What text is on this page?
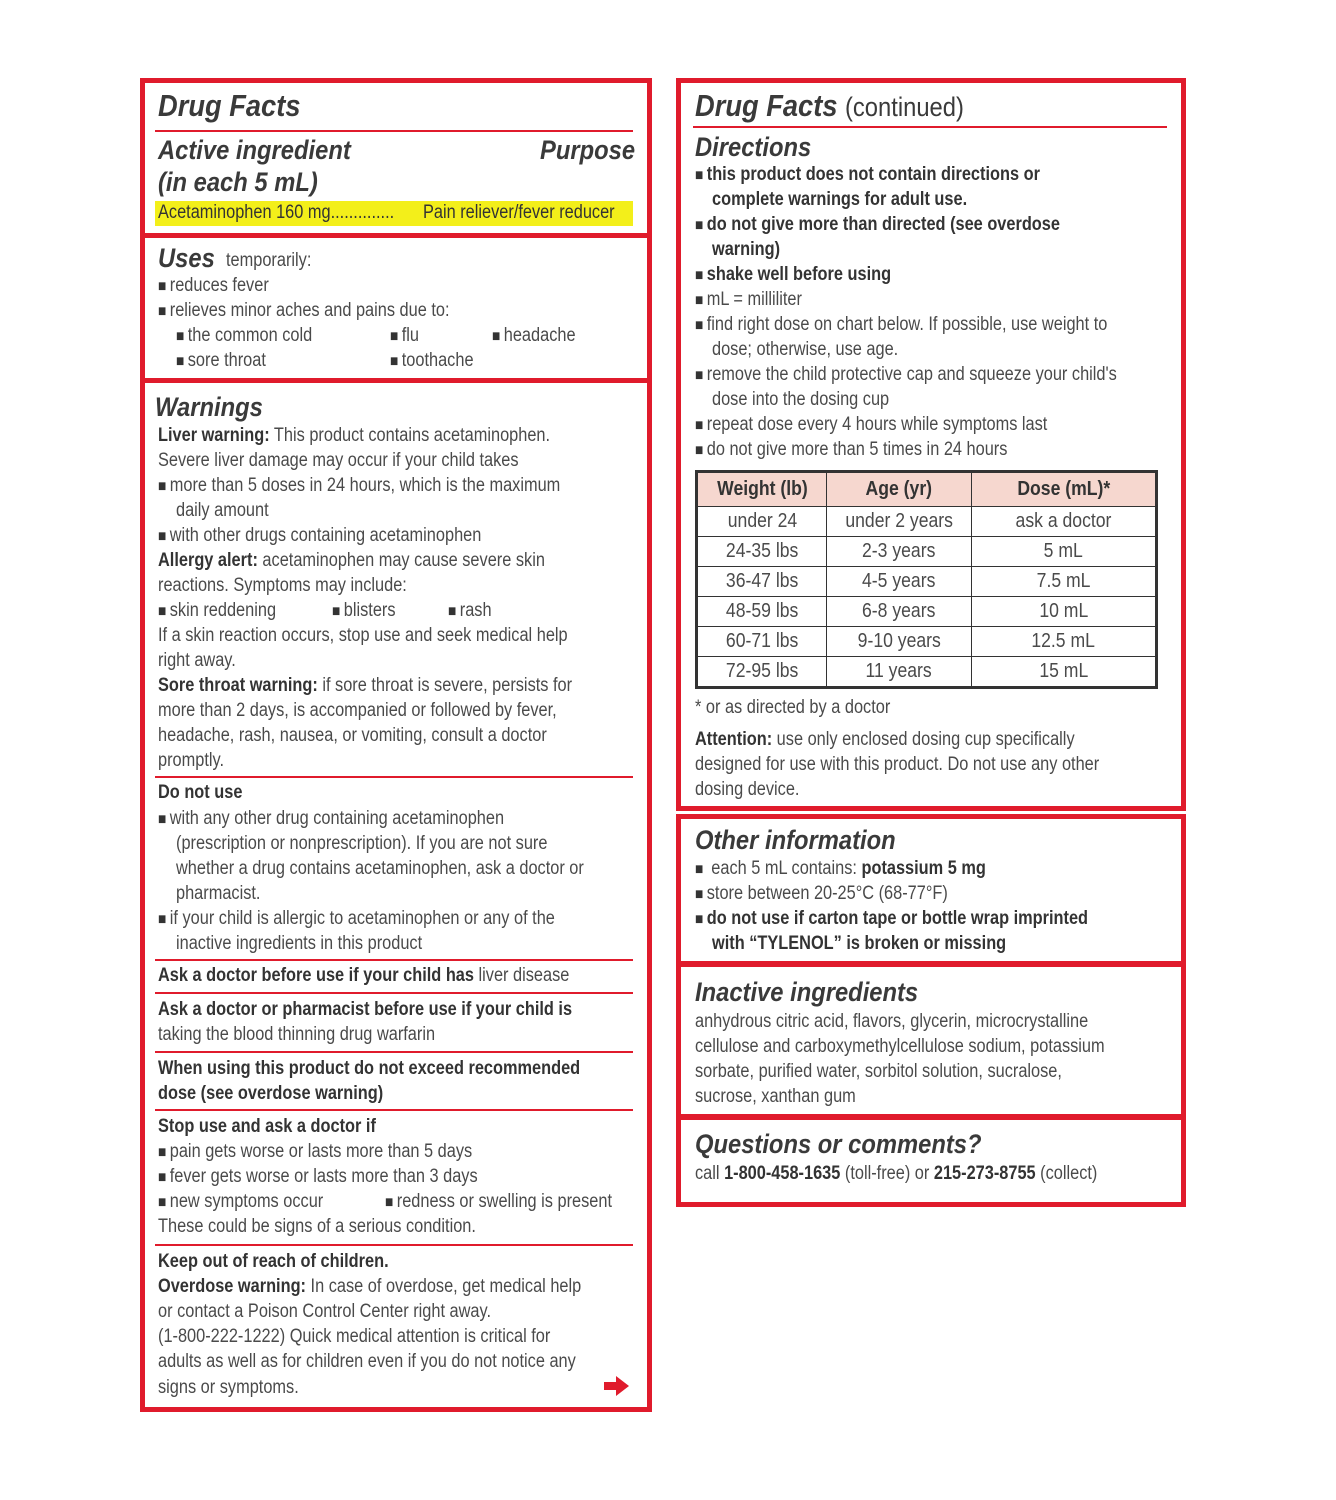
Drug Facts
Active ingredient
(in each 5 mL)
Purpose
Acetaminophen 160 mg.............. Pain reliever/fever reducer
Uses temporarily:
■ reduces fever
■ relieves minor aches and pains due to:
■ the common cold	■ flu	■ headache
■ sore throat	■ toothache
Warnings
Liver warning: This product contains acetaminophen.
Severe liver damage may occur if your child takes
■ more than 5 doses in 24 hours, which is the maximum
daily amount
■ with other drugs containing acetaminophen
Allergy alert: acetaminophen may cause severe skin
reactions. Symptoms may include:
■ skin reddening	■ blisters	■ rash
If a skin reaction occurs, stop use and seek medical help
right away.
Sore throat warning: if sore throat is severe, persists for
more than 2 days, is accompanied or followed by fever,
headache, rash, nausea, or vomiting, consult a doctor
promptly.
Do not use
■ with any other drug containing acetaminophen
(prescription or nonprescription). If you are not sure
whether a drug contains acetaminophen, ask a doctor or
pharmacist.
■ if your child is allergic to acetaminophen or any of the
inactive ingredients in this product
Ask a doctor before use if your child has liver disease
Ask a doctor or pharmacist before use if your child is
taking the blood thinning drug warfarin
When using this product do not exceed recommended
dose (see overdose warning)
Stop use and ask a doctor if
■ pain gets worse or lasts more than 5 days
■ fever gets worse or lasts more than 3 days
■ new symptoms occur	■ redness or swelling is present
These could be signs of a serious condition.
Keep out of reach of children.
Overdose warning: In case of overdose, get medical help
or contact a Poison Control Center right away.
(1-800-222-1222) Quick medical attention is critical for
adults as well as for children even if you do not notice any
signs or symptoms.
Drug Facts(continued)
Directions
■ this product does not contain directions or
complete warnings for adult use.
■ do not give more than directed (see overdose
warning)
■ shake well before using
■ mL = milliliter
■ find right dose on chart below. If possible, use weight to
dose; otherwise, use age.
■ remove the child protective cap and squeeze your child's
dose into the dosing cup
■ repeat dose every 4 hours while symptoms last
■ do not give more than 5 times in 24 hours
Weight (lb)	Age (yr)	Dose (mL)*
under 24	under 2 years	ask a doctor
24-35 lbs	2-3 years	5 mL
36-47 lbs	4-5 years	7.5 mL
48-59 lbs	6-8 years	10 mL
60-71 lbs	9-10 years	12.5 mL
72-95 lbs	11 years	15 mL
* or as directed by a doctor
Attention: use only enclosed dosing cup specifically
designed for use with this product. Do not use any other
dosing device.
Other information
■ each 5 mL contains: potassium 5 mg
■ store between 20-25°C (68-77°F)
■ do not use if carton tape or bottle wrap imprinted
with “TYLENOL” is broken or missing
Inactive ingredients
anhydrous citric acid, flavors, glycerin, microcrystalline
cellulose and carboxymethylcellulose sodium, potassium
sorbate, purified water, sorbitol solution, sucralose,
sucrose, xanthan gum
Questions or comments?
call 1-800-458-1635 (toll-free) or 215-273-8755 (collect)
